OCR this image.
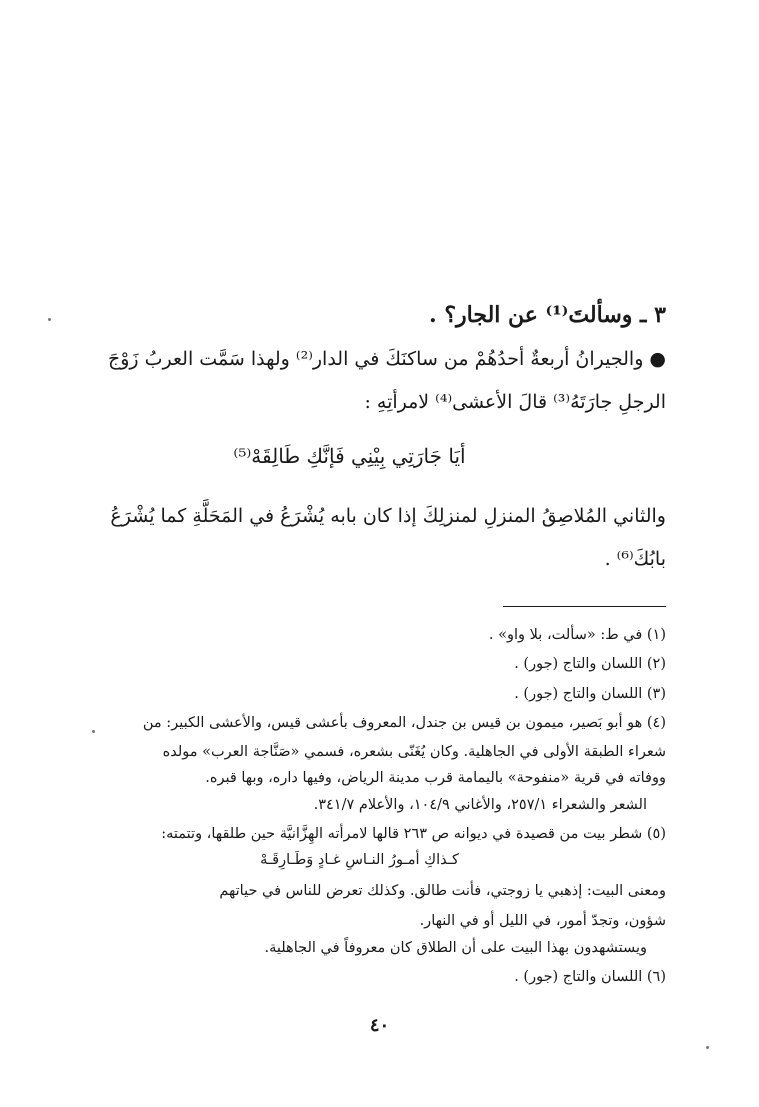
٣ ـ وسألتَ⁽¹⁾ عن الجار؟ .
● والجيرانُ أربعةٌ أحدُهُمْ من ساكنَكَ في الدار⁽²⁾ ولهذا سَمَّت العربُ زَوْجَ
الرجلِ جارَتَهُ⁽³⁾ قالَ الأعشى⁽⁴⁾ لامرأتِهِ :
أيَا جَارَتِي بِيْنِي فَإنَّكِ طَالِقَهْ⁽⁵⁾
والثاني المُلاصِقُ المنزلِ لمنزلِكَ إذا كان بابه يُشْرَعُ في المَحَلَّةِ كما يُشْرَعُ
بابُكَ⁽⁶⁾ .
(١) في ط: «سألت، بلا واو» .
(٢) اللسان والتاج (جور) .
(٣) اللسان والتاج (جور) .
(٤) هو أبو بَصير، ميمون بن قيس بن جندل، المعروف بأعشى قيس، والأعشى الكبير: من
شعراء الطبقة الأولى في الجاهلية. وكان يُغَنّى بشعره، فسمي «صَنَّاجة العرب» مولده
ووفاته في قرية «منفوحة» باليمامة قرب مدينة الرياض، وفيها داره، وبها قبره.
الشعر والشعراء ٢٥٧/١، والأغاني ١٠٤/٩، والأعلام ٣٤١/٧.
(٥) شطر بيت من قصيدة في ديوانه ص ٢٦٣ قالها لامرأته الهِزَّانيَّة حين طلقها، وتتمته:
كـذاكِ أمـورُ النـاسِ غـادٍ وَطَـارِقَـهْ
ومعنى البيت: إذهبي يا زوجتي، فأنت طالق. وكذلك تعرض للناس في حياتهم
شؤون، وتجدّ أمور، في الليل أو في النهار.
ويستشهدون بهذا البيت على أن الطلاق كان معروفاً في الجاهلية.
(٦) اللسان والتاج (جور) .
٤٠
